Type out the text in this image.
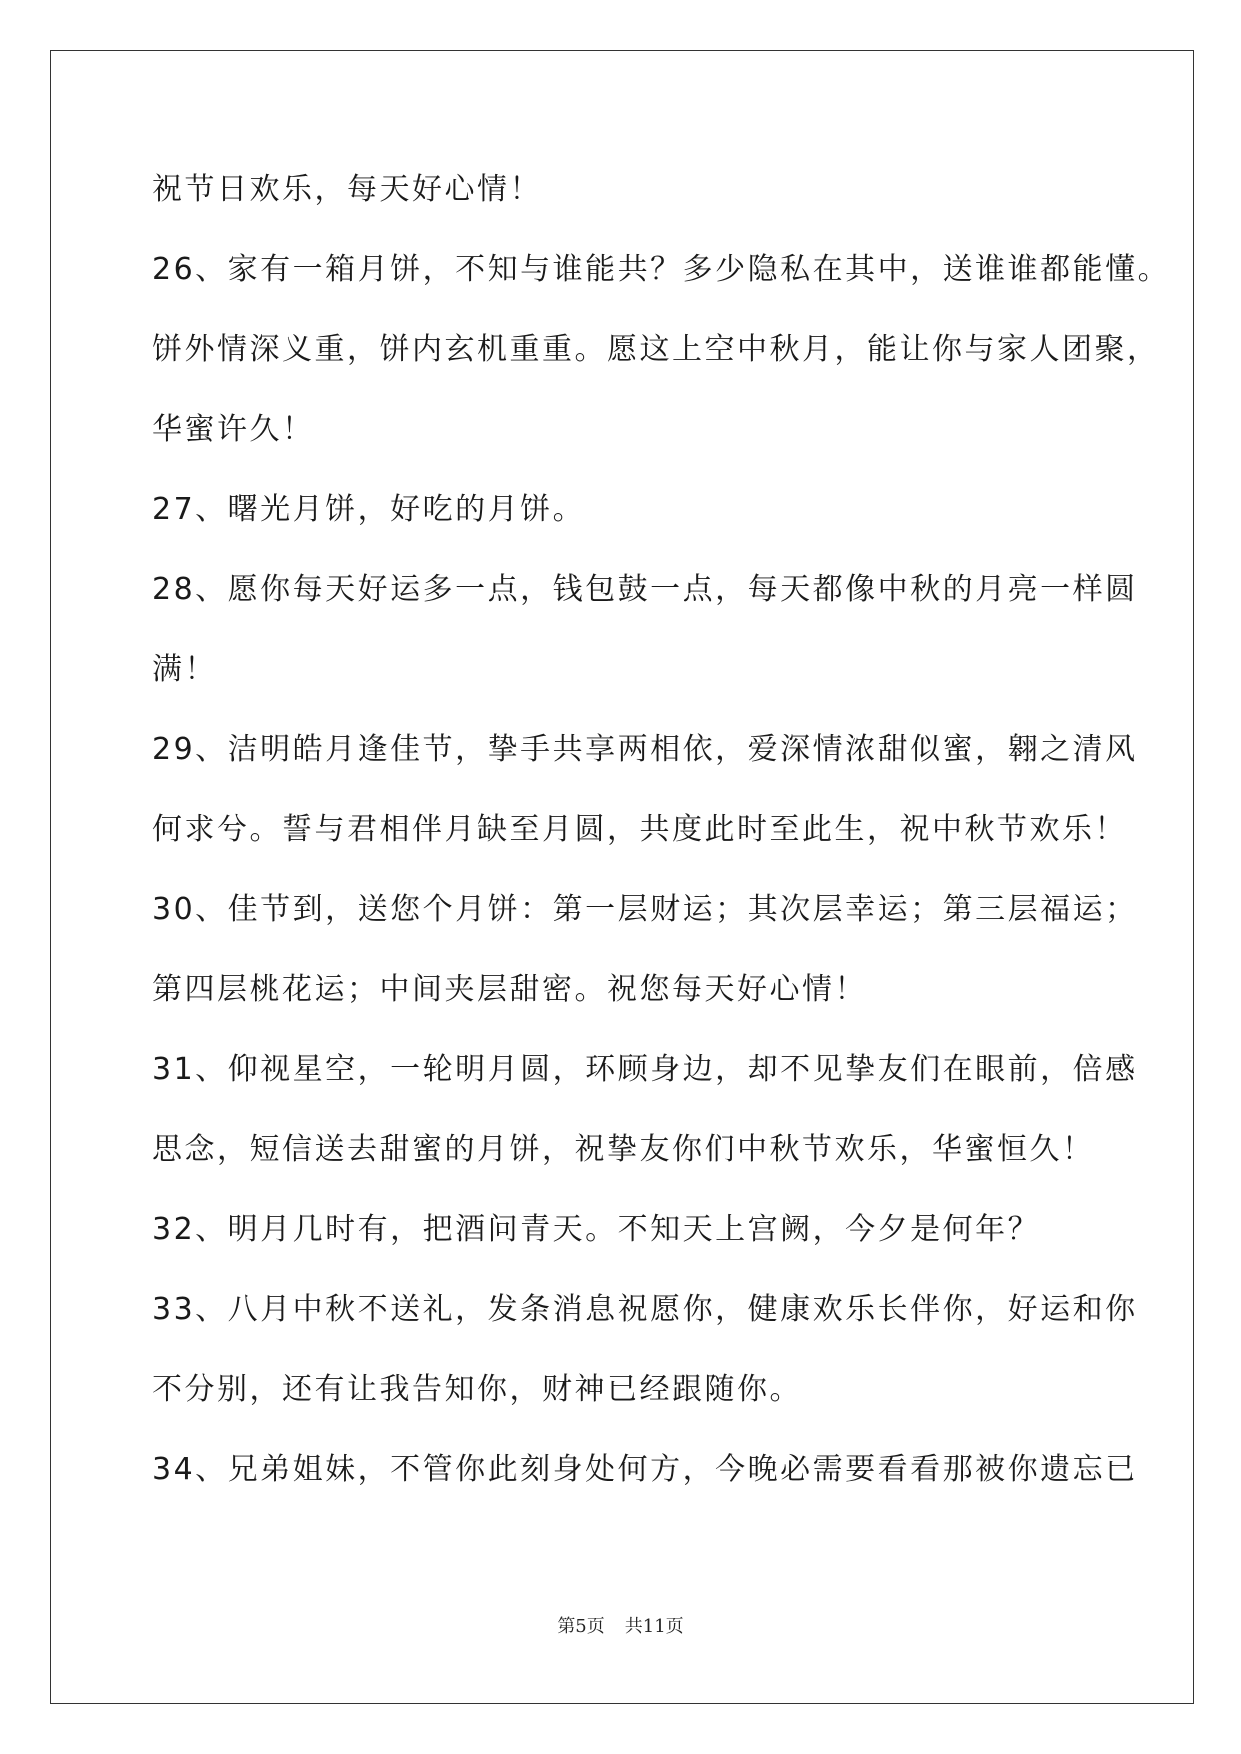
祝节日欢乐，每天好心情！
26、家有一箱月饼，不知与谁能共？多少隐私在其中，送谁谁都能懂。
饼外情深义重，饼内玄机重重。愿这上空中秋月，能让你与家人团聚，
华蜜许久！
27、曙光月饼，好吃的月饼。
28、愿你每天好运多一点，钱包鼓一点，每天都像中秋的月亮一样圆
满！
29、洁明皓月逢佳节，挚手共享两相依，爱深情浓甜似蜜，翱之清风
何求兮。誓与君相伴月缺至月圆，共度此时至此生，祝中秋节欢乐！
30、佳节到，送您个月饼：第一层财运；其次层幸运；第三层福运；
第四层桃花运；中间夹层甜密。祝您每天好心情！
31、仰视星空，一轮明月圆，环顾身边，却不见挚友们在眼前，倍感
思念，短信送去甜蜜的月饼，祝挚友你们中秋节欢乐，华蜜恒久！
32、明月几时有，把酒问青天。不知天上宫阙，今夕是何年？
33、八月中秋不送礼，发条消息祝愿你，健康欢乐长伴你，好运和你
不分别，还有让我告知你，财神已经跟随你。
34、兄弟姐妹，不管你此刻身处何方，今晚必需要看看那被你遗忘已
第5页 共11页
